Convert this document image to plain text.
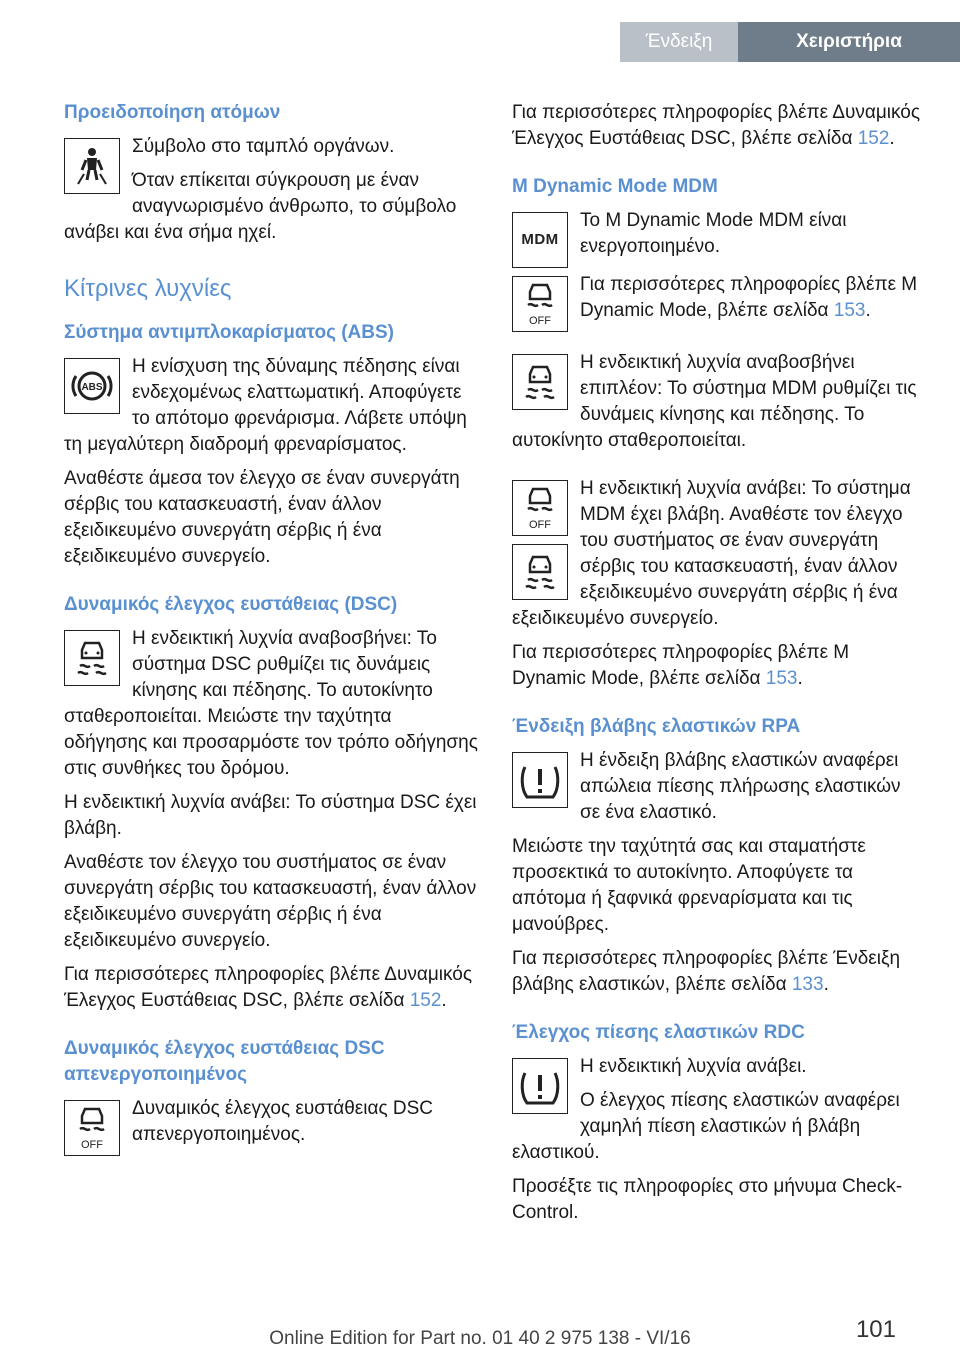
Ένδειξη	Χειριστήρια
Προειδοποίηση ατόμων
Σύμβολο στο ταμπλό οργάνων.
Όταν επίκειται σύγκρουση με έναν αναγνωρισμένο άνθρωπο, το σύμβολο ανάβει και ένα σήμα ηχεί.
Κίτρινες λυχνίες
Σύστημα αντιμπλοκαρίσματος (ABS)
ABS
Η ενίσχυση της δύναμης πέδησης είναι ενδεχομένως ελαττωματική. Αποφύγετε το απότομο φρενάρισμα. Λάβετε υπόψη τη μεγαλύτερη διαδρομή φρεναρίσματος.
Αναθέστε άμεσα τον έλεγχο σε έναν συνεργάτη σέρβις του κατασκευαστή, έναν άλλον εξειδικευμένο συνεργάτη σέρβις ή ένα εξειδικευμένο συνεργείο.
Δυναμικός έλεγχος ευστάθειας (DSC)
Η ενδεικτική λυχνία αναβοσβήνει: Το σύστημα DSC ρυθμίζει τις δυνάμεις κίνησης και πέδησης. Το αυτοκίνητο σταθεροποιείται. Μειώστε την ταχύτητα οδήγησης και προσαρμόστε τον τρόπο οδήγησης στις συνθήκες του δρόμου.
Η ενδεικτική λυχνία ανάβει: Το σύστημα DSC έχει βλάβη.
Αναθέστε τον έλεγχο του συστήματος σε έναν συνεργάτη σέρβις του κατασκευαστή, έναν άλλον εξειδικευμένο συνεργάτη σέρβις ή ένα εξειδικευμένο συνεργείο.
Για περισσότερες πληροφορίες βλέπε Δυναμικός Έλεγχος Ευστάθειας DSC, βλέπε σελίδα 152.
Δυναμικός έλεγχος ευστάθειας DSC απενεργοποιημένος
OFF
Δυναμικός έλεγχος ευστάθειας DSC απενεργοποιημένος.
Για περισσότερες πληροφορίες βλέπε Δυναμικός Έλεγχος Ευστάθειας DSC, βλέπε σελίδα 152.
M Dynamic Mode MDM
MDM
Το M Dynamic Mode MDM είναι ενεργοποιημένο.
OFF
Για περισσότερες πληροφορίες βλέπε M Dynamic Mode, βλέπε σελίδα 153.
Η ενδεικτική λυχνία αναβοσβήνει επιπλέον: Το σύστημα MDM ρυθμίζει τις δυνάμεις κίνησης και πέδησης. Το αυτοκίνητο σταθεροποιείται.
OFF
Η ενδεικτική λυχνία ανάβει: Το σύστημα MDM έχει βλάβη. Αναθέστε τον έλεγχο του συστήματος σε έναν συνεργάτη σέρβις του κατασκευαστή, έναν άλλον εξειδικευμένο συνεργάτη σέρβις ή ένα εξειδικευμένο συνεργείο.
Για περισσότερες πληροφορίες βλέπε M Dynamic Mode, βλέπε σελίδα 153.
Ένδειξη βλάβης ελαστικών RPA
Η ένδειξη βλάβης ελαστικών αναφέρει απώλεια πίεσης πλήρωσης ελαστικών σε ένα ελαστικό.
Μειώστε την ταχύτητά σας και σταματήστε προσεκτικά το αυτοκίνητο. Αποφύγετε τα απότομα ή ξαφνικά φρεναρίσματα και τις μανούβρες.
Για περισσότερες πληροφορίες βλέπε Ένδειξη βλάβης ελαστικών, βλέπε σελίδα 133.
Έλεγχος πίεσης ελαστικών RDC
Η ενδεικτική λυχνία ανάβει.
Ο έλεγχος πίεσης ελαστικών αναφέρει χαμηλή πίεση ελαστικών ή βλάβη ελαστικού.
Προσέξτε τις πληροφορίες στο μήνυμα Check-Control.
101
Online Edition for Part no. 01 40 2 975 138 - VI/16
